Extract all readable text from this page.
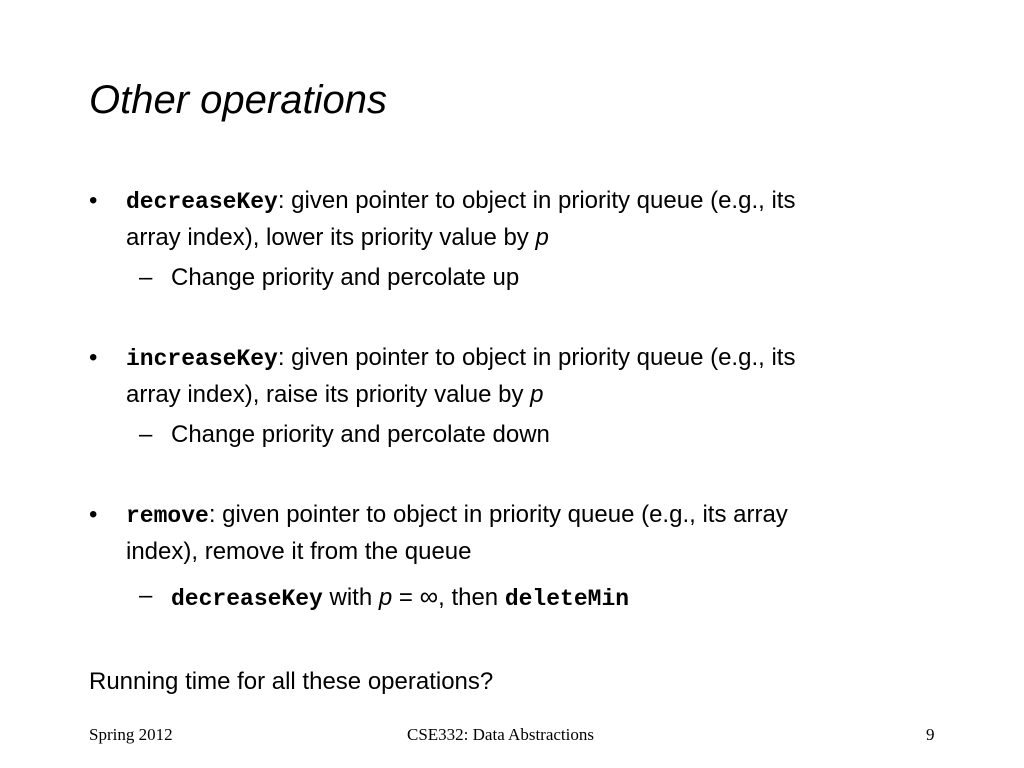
Other operations
• decreaseKey: given pointer to object in priority queue (e.g., its
array index), lower its priority value by p
– Change priority and percolate up
• increaseKey: given pointer to object in priority queue (e.g., its
array index), raise its priority value by p
– Change priority and percolate down
• remove: given pointer to object in priority queue (e.g., its array
index), remove it from the queue
– decreaseKey with p = ∞, then deleteMin
Running time for all these operations?
Spring 2012	CSE332: Data Abstractions	9
